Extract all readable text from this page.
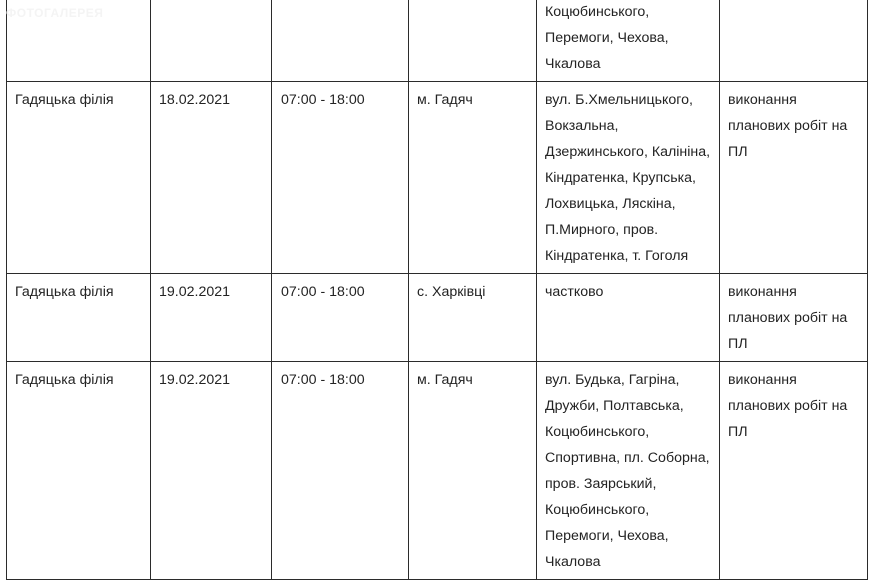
ФОТОГАЛЕРЕЯ
					Коцюбинського, Перемоги, Чехова, Чкалова	
Гадяцька філія	18.02.2021	07:00 - 18:00	м. Гадяч	вул. Б.Хмельницького, Вокзальна, Дзержинського, Калініна, Кіндратенка, Крупська, Лохвицька, Ляскіна, П.Мирного, пров. Кіндратенка, т. Гоголя	виконання планових робіт на ПЛ
Гадяцька філія	19.02.2021	07:00 - 18:00	с. Харківці	частково	виконання планових робіт на ПЛ
Гадяцька філія	19.02.2021	07:00 - 18:00	м. Гадяч	вул. Будька, Гагріна, Дружби, Полтавська, Коцюбинського, Спортивна, пл. Соборна, пров. Заярський, Коцюбинського, Перемоги, Чехова, Чкалова	виконання планових робіт на ПЛ
